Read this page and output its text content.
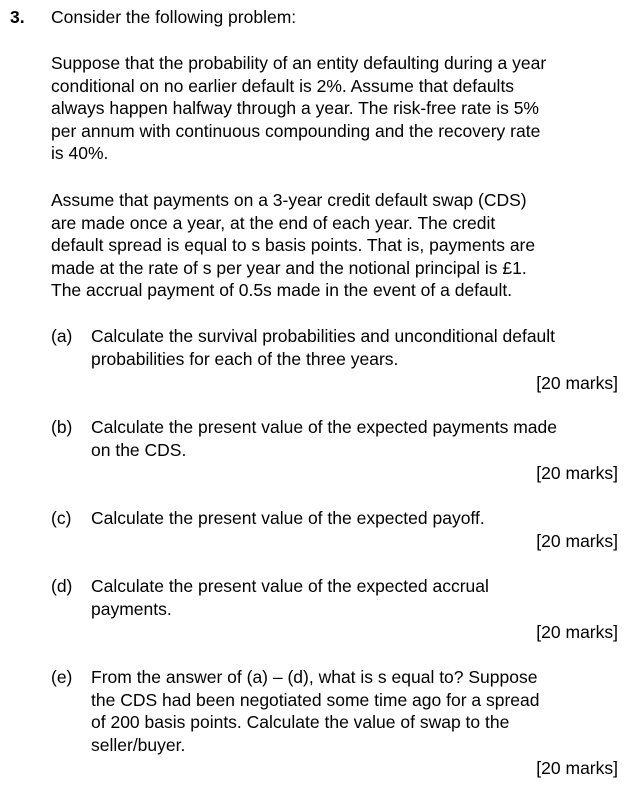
3. Consider the following problem:
Suppose that the probability of an entity defaulting during a year
conditional on no earlier default is 2%. Assume that defaults
always happen halfway through a year. The risk-free rate is 5%
per annum with continuous compounding and the recovery rate
is 40%.
Assume that payments on a 3-year credit default swap (CDS)
are made once a year, at the end of each year. The credit
default spread is equal to s basis points. That is, payments are
made at the rate of s per year and the notional principal is £1.
The accrual payment of 0.5s made in the event of a default.
(a) Calculate the survival probabilities and unconditional default
probabilities for each of the three years.
[20 marks]
(b) Calculate the present value of the expected payments made
on the CDS.
[20 marks]
(c) Calculate the present value of the expected payoff.
[20 marks]
(d) Calculate the present value of the expected accrual
payments.
[20 marks]
(e) From the answer of (a) – (d), what is s equal to? Suppose
the CDS had been negotiated some time ago for a spread
of 200 basis points. Calculate the value of swap to the
seller/buyer.
[20 marks]
